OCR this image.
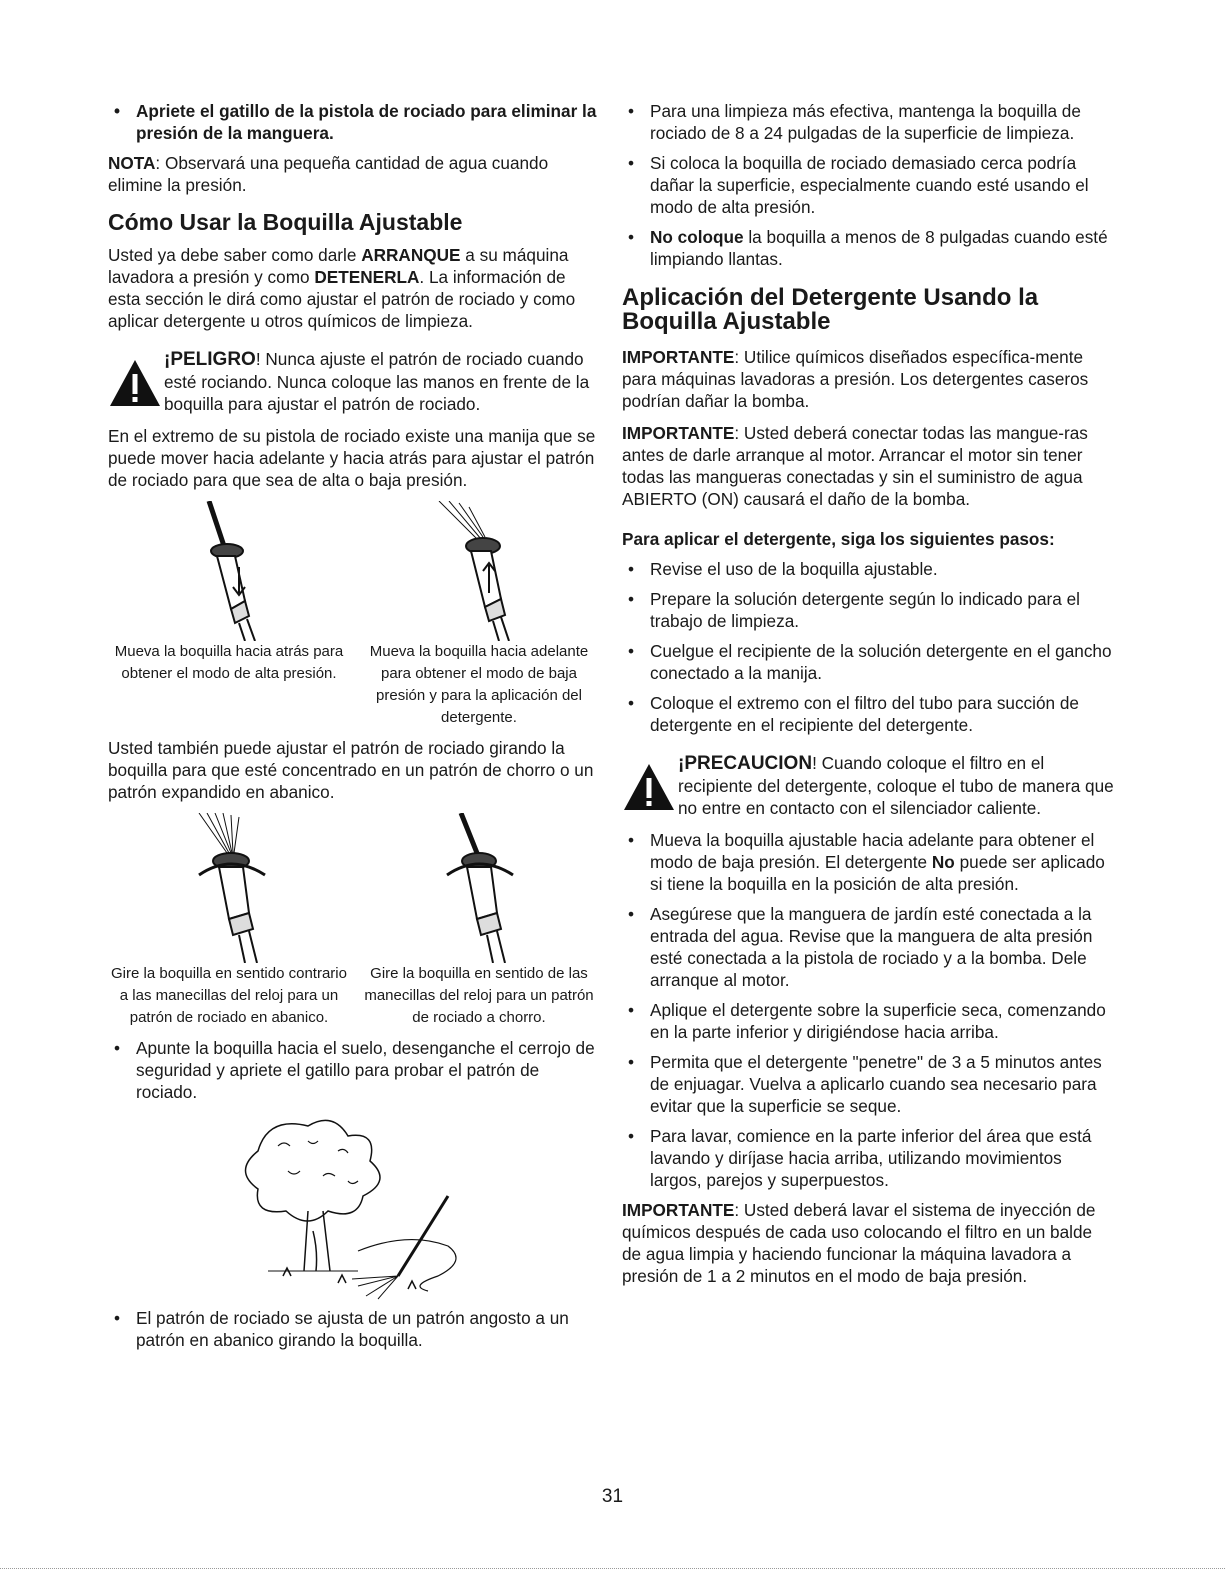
• Apriete el gatillo de la pistola de rociado para eliminar la presión de la manguera.

NOTA: Observará una pequeña cantidad de agua cuando elimine la presión.

Cómo Usar la Boquilla Ajustable

Usted ya debe saber como darle ARRANQUE a su máquina lavadora a presión y como DETENERLA. La información de esta sección le dirá como ajustar el patrón de rociado y como aplicar detergente u otros químicos de limpieza.

¡PELIGRO! Nunca ajuste el patrón de rociado cuando esté rociando. Nunca coloque las manos en frente de la boquilla para ajustar el patrón de rociado.

En el extremo de su pistola de rociado existe una manija que se puede mover hacia adelante y hacia atrás para ajustar el patrón de rociado para que sea de alta o baja presión.

Mueva la boquilla hacia atrás para obtener el modo de alta presión.
Mueva la boquilla hacia adelante para obtener el modo de baja presión y para la aplicación del detergente.

Usted también puede ajustar el patrón de rociado girando la boquilla para que esté concentrado en un patrón de chorro o un patrón expandido en abanico.

Gire la boquilla en sentido contrario a las manecillas del reloj para un patrón de rociado en abanico.
Gire la boquilla en sentido de las manecillas del reloj para un patrón de rociado a chorro.
• Apunte la boquilla hacia el suelo, desenganche el cerrojo de seguridad y apriete el gatillo para probar el patrón de rociado.
• El patrón de rociado se ajusta de un patrón angosto a un patrón en abanico girando la boquilla.
• Para una limpieza más efectiva, mantenga la boquilla de rociado de 8 a 24 pulgadas de la superficie de limpieza.
• Si coloca la boquilla de rociado demasiado cerca podría dañar la superficie, especialmente cuando esté usando el modo de alta presión.
• No coloque la boquilla a menos de 8 pulgadas cuando esté limpiando llantas.
Aplicación del Detergente Usando la Boquilla Ajustable

IMPORTANTE: Utilice químicos diseñados específica-mente para máquinas lavadoras a presión. Los detergentes caseros podrían dañar la bomba.

IMPORTANTE: Usted deberá conectar todas las mangue-ras antes de darle arranque al motor. Arrancar el motor sin tener todas las mangueras conectadas y sin el suministro de agua ABIERTO (ON) causará el daño de la bomba.

Para aplicar el detergente, siga los siguientes pasos:
• Revise el uso de la boquilla ajustable.
• Prepare la solución detergente según lo indicado para el trabajo de limpieza.
• Cuelgue el recipiente de la solución detergente en el gancho conectado a la manija.
• Coloque el extremo con el filtro del tubo para succión de detergente en el recipiente del detergente.
¡PRECAUCION! Cuando coloque el filtro en el recipiente del detergente, coloque el tubo de manera que no entre en contacto con el silenciador caliente.
• Mueva la boquilla ajustable hacia adelante para obtener el modo de baja presión. El detergente No puede ser aplicado si tiene la boquilla en la posición de alta presión.
• Asegúrese que la manguera de jardín esté conectada a la entrada del agua. Revise que la manguera de alta presión esté conectada a la pistola de rociado y a la bomba. Dele arranque al motor.
• Aplique el detergente sobre la superficie seca, comenzando en la parte inferior y dirigiéndose hacia arriba.
• Permita que el detergente "penetre" de 3 a 5 minutos antes de enjuagar. Vuelva a aplicarlo cuando sea necesario para evitar que la superficie se seque.
• Para lavar, comience en la parte inferior del área que está lavando y diríjase hacia arriba, utilizando movimientos largos, parejos y superpuestos.

IMPORTANTE: Usted deberá lavar el sistema de inyección de químicos después de cada uso colocando el filtro en un balde de agua limpia y haciendo funcionar la máquina lavadora a presión de 1 a 2 minutos en el modo de baja presión.

31
